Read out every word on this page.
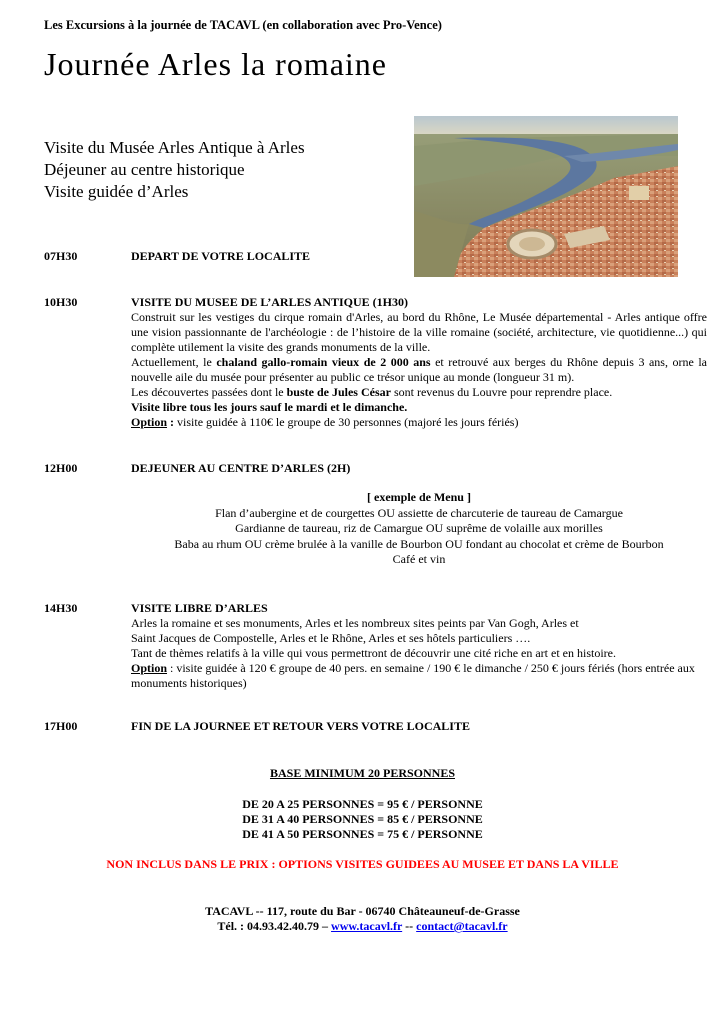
Les Excursions à la journée de TACAVL (en collaboration avec Pro-Vence)
Journée Arles la romaine
Visite du Musée Arles Antique à Arles
Déjeuner au centre historique
Visite guidée d’Arles
07H30	DEPART DE VOTRE LOCALITE
10H30	VISITE DU MUSEE DE L’ARLES ANTIQUE (1H30)

Construit sur les vestiges du cirque romain d'Arles, au bord du Rhône, Le Musée départemental - Arles antique offre une vision passionnante de l'archéologie : de l’histoire de la ville romaine (société, architecture, vie quotidienne...) qui complète utilement la visite des grands monuments de la ville.

Actuellement, le chaland gallo-romain vieux de 2 000 ans et retrouvé aux berges du Rhône depuis 3 ans, orne la nouvelle aile du musée pour présenter au public ce trésor unique au monde (longueur 31 m).

Les découvertes passées dont le buste de Jules César sont revenus du Louvre pour reprendre place.

Visite libre tous les jours sauf le mardi et le dimanche.

Option : visite guidée à 110€ le groupe de 30 personnes (majoré les jours fériés)

12H00	DEJEUNER AU CENTRE D’ARLES (2H)
[ exemple de Menu ]
Flan d’aubergine et de courgettes OU assiette de charcuterie de taureau de Camargue
Gardianne de taureau, riz de Camargue OU suprême de volaille aux morilles
Baba au rhum OU crème brulée à la vanille de Bourbon OU fondant au chocolat et crème de Bourbon
Café et vin
14H30	VISITE LIBRE D’ARLES

Arles la romaine et ses monuments, Arles et les nombreux sites peints par Van Gogh, Arles et

Saint Jacques de Compostelle, Arles et le Rhône, Arles et ses hôtels particuliers ….

Tant de thèmes relatifs à la ville qui vous permettront de découvrir une cité riche en art et en histoire.

Option : visite guidée à 120 € groupe de 40 pers. en semaine / 190 € le dimanche / 250 € jours fériés (hors entrée aux monuments historiques)

17H00	FIN DE LA JOURNEE ET RETOUR VERS VOTRE LOCALITE
BASE MINIMUM 20 PERSONNES
DE 20 A 25 PERSONNES = 95 € / PERSONNE
DE 31 A 40 PERSONNES = 85 € / PERSONNE
DE 41 A 50 PERSONNES = 75 € / PERSONNE
NON INCLUS DANS LE PRIX : OPTIONS VISITES GUIDEES AU MUSEE ET DANS LA VILLE
TACAVL -- 117, route du Bar - 06740 Châteauneuf-de-Grasse
Tél. : 04.93.42.40.79 – www.tacavl.fr -- contact@tacavl.fr
